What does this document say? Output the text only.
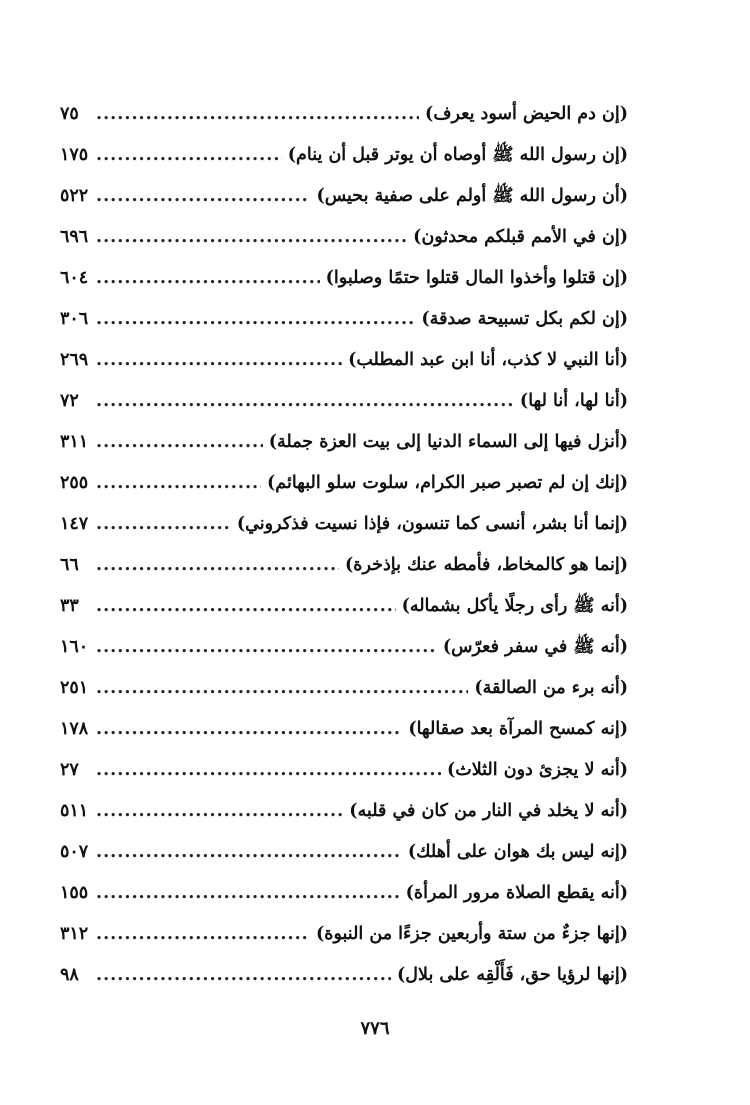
(إن دم الحيض أسود يعرف)
.....
٧٥
(إن رسول الله ﷺ أوصاه أن يوتر قبل أن ينام)
.....
١٧٥
(أن رسول الله ﷺ أولم على صفية بحيس)
.....
٥٢٢
(إن في الأمم قبلكم محدثون)
.....
٦٩٦
(إن قتلوا وأخذوا المال قتلوا حتمًا وصلبوا)
.....
٦٠٤
(إن لكم بكل تسبيحة صدقة)
.....
٣٠٦
(أنا النبي لا كذب، أنا ابن عبد المطلب)
.....
٢٦٩
(أنا لها، أنا لها)
.....
٧٢
(أنزل فيها إلى السماء الدنيا إلى بيت العزة جملة)
.....
٣١١
(إنك إن لم تصبر صبر الكرام، سلوت سلو البهائم)
.....
٢٥٥
(إنما أنا بشر، أنسى كما تنسون، فإذا نسيت فذكروني)
.....
١٤٧
(إنما هو كالمخاط، فأمطه عنك بإذخرة)
.....
٦٦
(أنه ﷺ رأى رجلًا يأكل بشماله)
.....
٣٣
(أنه ﷺ في سفر فعرّس)
.....
١٦٠
(أنه برء من الصالقة)
.....
٢٥١
(إنه كمسح المرآة بعد صقالها)
.....
١٧٨
(أنه لا يجزئ دون الثلاث)
.....
٢٧
(أنه لا يخلد في النار من كان في قلبه)
.....
٥١١
(إنه ليس بك هوان على أهلك)
.....
٥٠٧
(أنه يقطع الصلاة مرور المرأة)
.....
١٥٥
(إنها جزءٌ من ستة وأربعين جزءًا من النبوة)
.....
٣١٢
(إنها لرؤيا حق، فَأَلْقِه على بلال)
.....
٩٨
٧٧٦
